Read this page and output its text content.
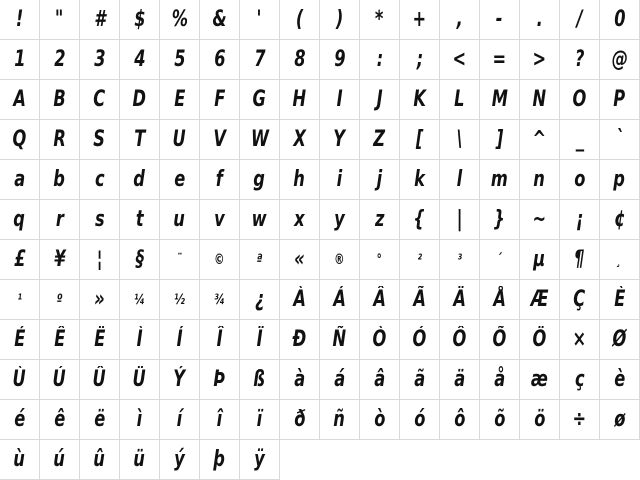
! " # $ % & ' ( ) * + , - . / 0
1 2 3 4 5 6 7 8 9 : ; < = > ? @
A B C D E F G H I J K L M N O P
Q R S T U V W X Y Z [ \ ] ^ _ `
a b c d e f g h i j k l m n o p
q r s t u v w x y z { | } ~ ¡ ¢
£ ¥ ¦ § ¨ © ª « ® °	²	³	´ µ ¶ ¸
¹ º » ¼ ½ ¾ ¿ À Á Â Ã Ä Å Æ Ç È
É Ê Ë Ì Í Î Ï Ð Ñ Ò Ó Ô Õ Ö × Ø
Ù Ú Û Ü Ý Þ ß à á â ã ä å æ ç è
é ê ë ì í î ï ð ñ ò ó ô õ ö ÷ ø
ù ú û ü ý þ ÿ
